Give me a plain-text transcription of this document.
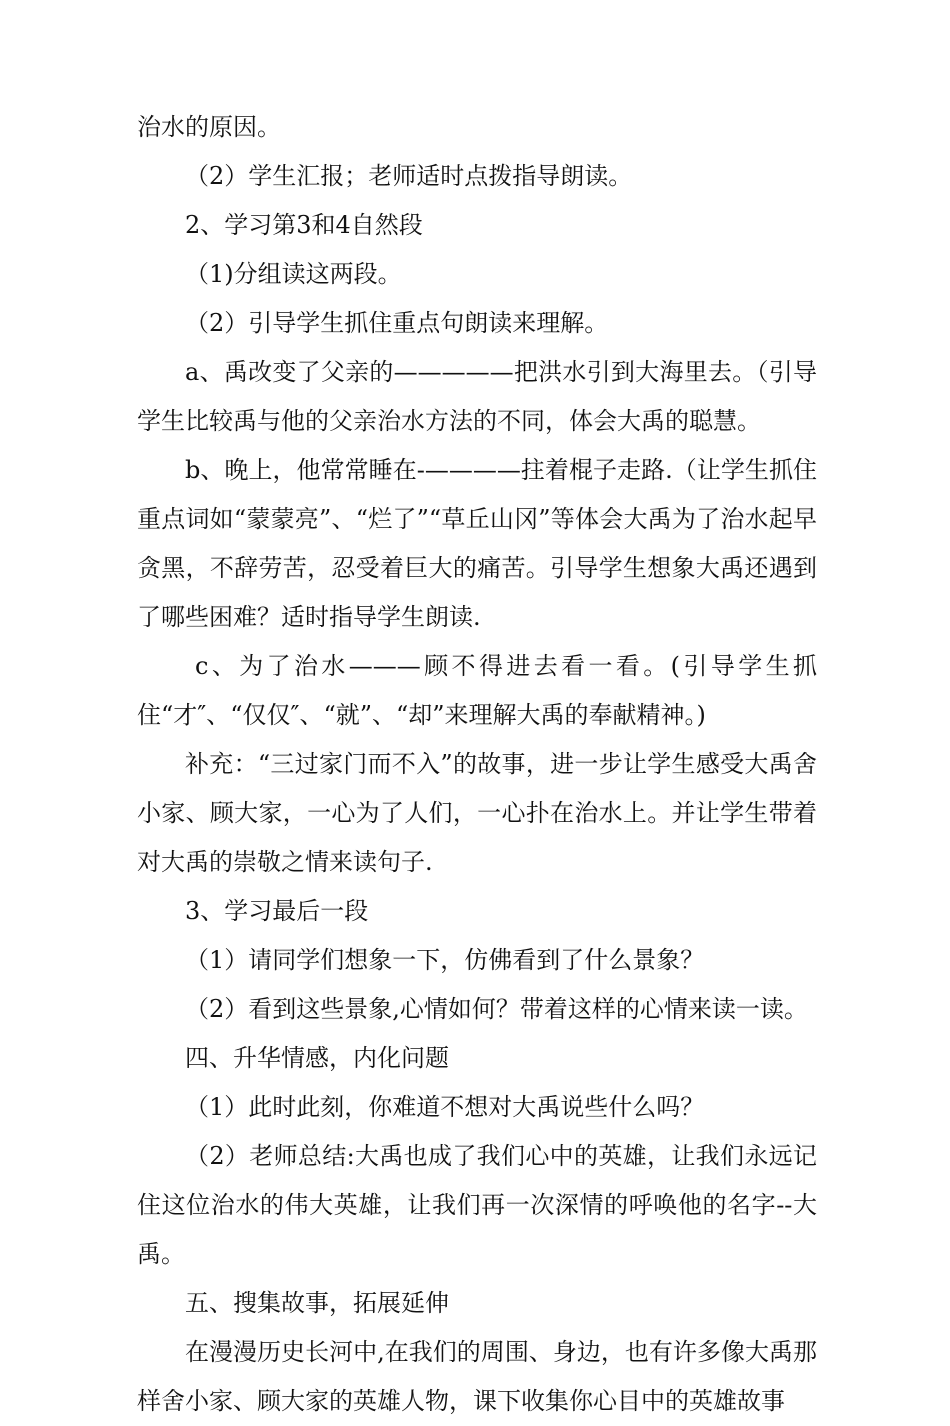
治水的原因。

（2）学生汇报；老师适时点拨指导朗读。

2、学习第3和4自然段

（1)分组读这两段。

（2）引导学生抓住重点句朗读来理解。

a、禹改变了父亲的—————把洪水引到大海里去。（引导学生比较禹与他的父亲治水方法的不同，体会大禹的聪慧。

b、晚上，他常常睡在-————拄着棍子走路.（让学生抓住重点词如“蒙蒙亮”、“烂了”“草丘山冈”等体会大禹为了治水起早贪黑，不辞劳苦，忍受着巨大的痛苦。引导学生想象大禹还遇到了哪些困难？适时指导学生朗读.

c、为了治水———顾不得进去看一看。(引导学生抓住“才″、“仅仅″、“就”、“却”来理解大禹的奉献精神。)

补充：“三过家门而不入”的故事，进一步让学生感受大禹舍小家、顾大家，一心为了人们，一心扑在治水上。并让学生带着对大禹的崇敬之情来读句子.

3、学习最后一段

（1）请同学们想象一下，仿佛看到了什么景象？

（2）看到这些景象,心情如何？带着这样的心情来读一读。

四、升华情感，内化问题

（1）此时此刻，你难道不想对大禹说些什么吗？

（2）老师总结:大禹也成了我们心中的英雄，让我们永远记住这位治水的伟大英雄，让我们再一次深情的呼唤他的名字--大禹。

五、搜集故事，拓展延伸

在漫漫历史长河中,在我们的周围、身边，也有许多像大禹那样舍小家、顾大家的英雄人物，课下收集你心目中的英雄故事
